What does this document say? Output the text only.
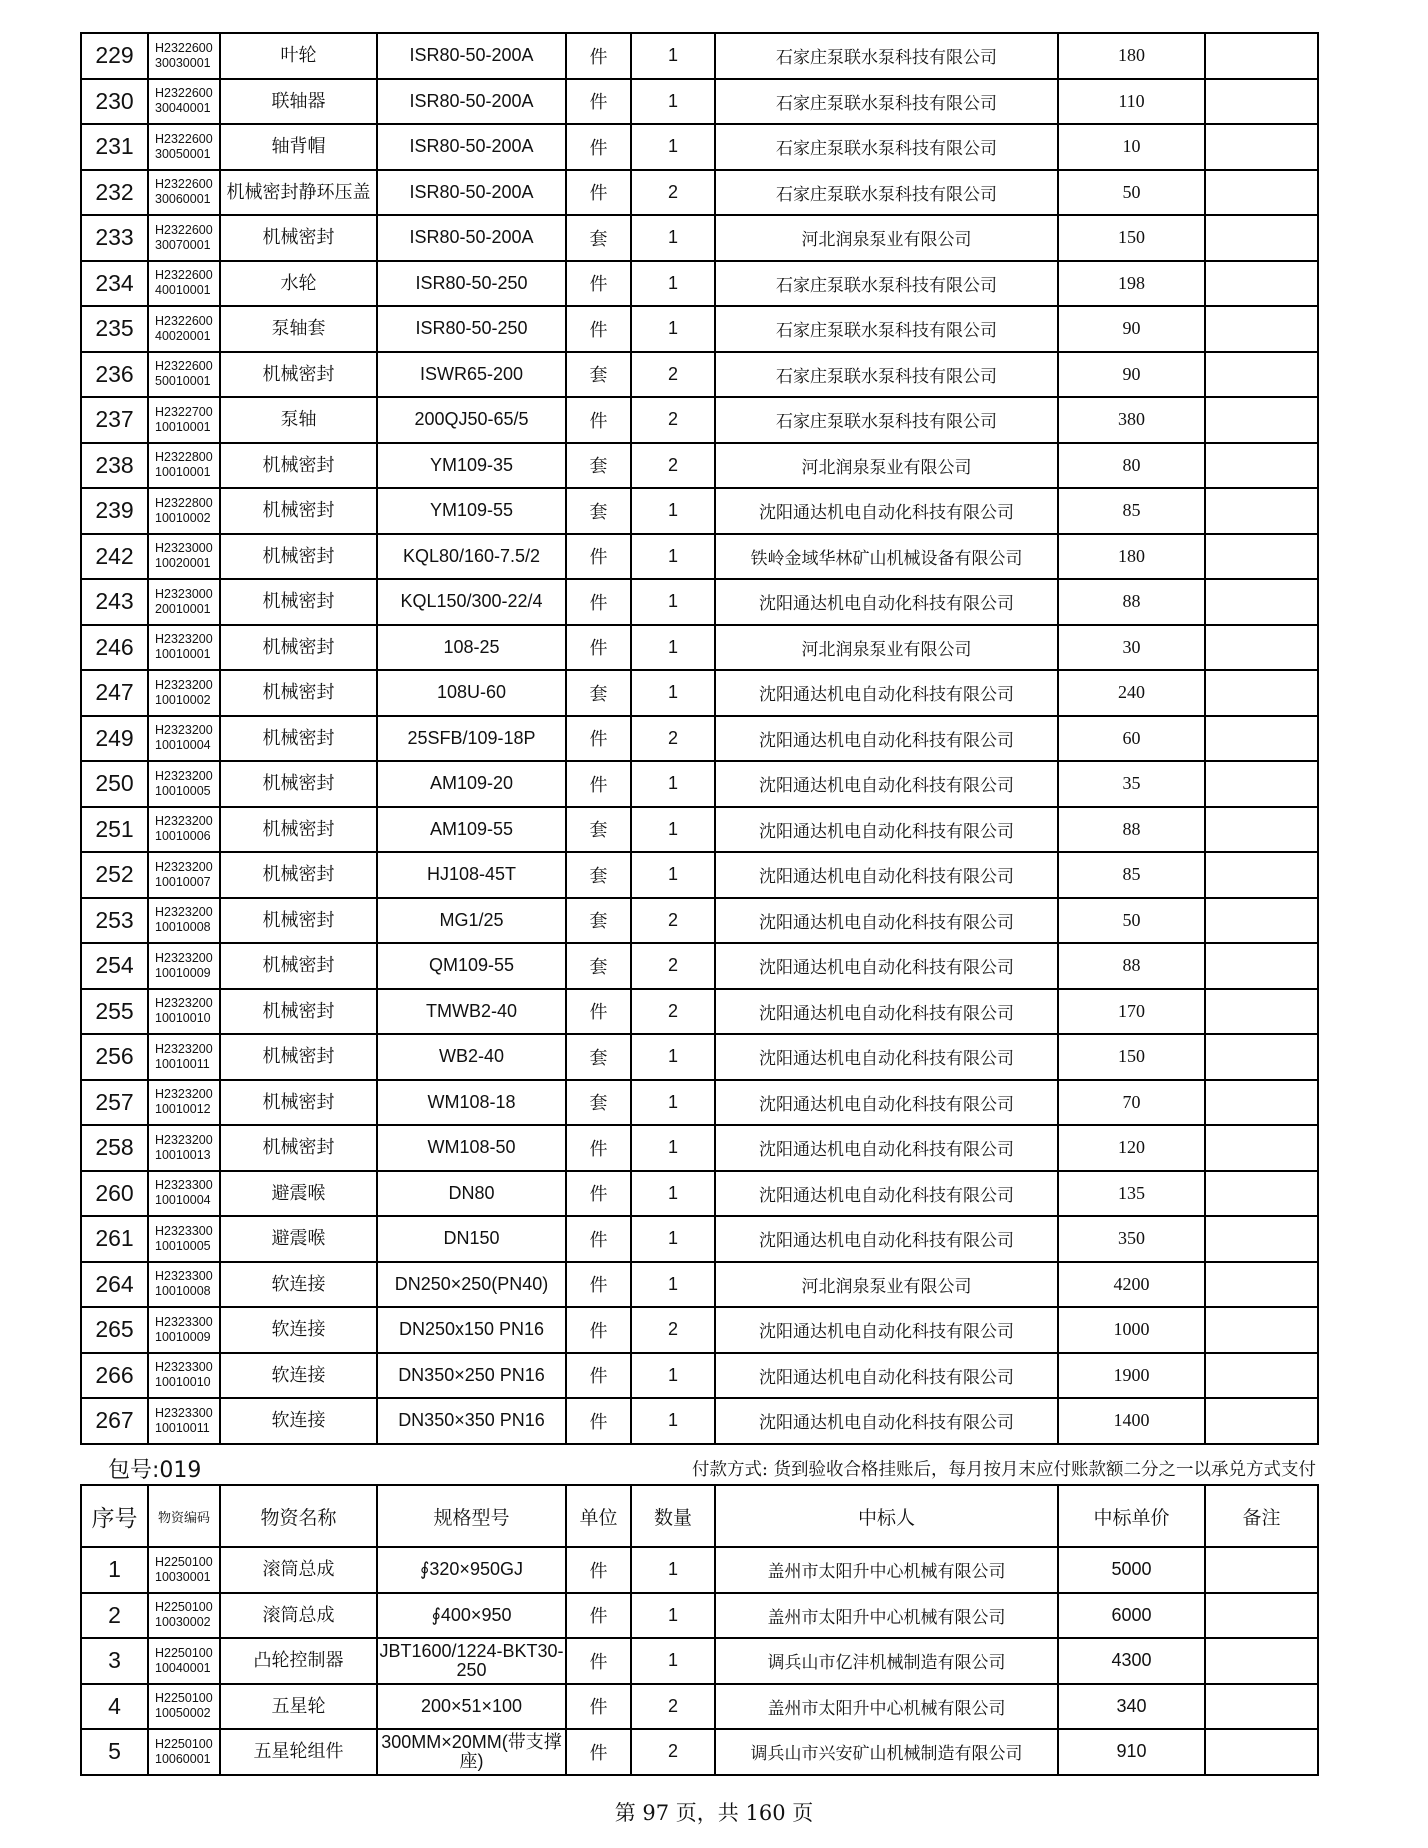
229	H2322600 30030001	叶轮	ISR80-50-200A	件	1	石家庄泵联水泵科技有限公司	180	
230	H2322600 30040001	联轴器	ISR80-50-200A	件	1	石家庄泵联水泵科技有限公司	110	
231	H2322600 30050001	轴背帽	ISR80-50-200A	件	1	石家庄泵联水泵科技有限公司	10	
232	H2322600 30060001	机械密封静环压盖	ISR80-50-200A	件	2	石家庄泵联水泵科技有限公司	50	
233	H2322600 30070001	机械密封	ISR80-50-200A	套	1	河北润泉泵业有限公司	150	
234	H2322600 40010001	水轮	ISR80-50-250	件	1	石家庄泵联水泵科技有限公司	198	
235	H2322600 40020001	泵轴套	ISR80-50-250	件	1	石家庄泵联水泵科技有限公司	90	
236	H2322600 50010001	机械密封	ISWR65-200	套	2	石家庄泵联水泵科技有限公司	90	
237	H2322700 10010001	泵轴	200QJ50-65/5	件	2	石家庄泵联水泵科技有限公司	380	
238	H2322800 10010001	机械密封	YM109-35	套	2	河北润泉泵业有限公司	80	
239	H2322800 10010002	机械密封	YM109-55	套	1	沈阳通达机电自动化科技有限公司	85	
242	H2323000 10020001	机械密封	KQL80/160-7.5/2	件	1	铁岭金域华林矿山机械设备有限公司	180	
243	H2323000 20010001	机械密封	KQL150/300-22/4	件	1	沈阳通达机电自动化科技有限公司	88	
246	H2323200 10010001	机械密封	108-25	件	1	河北润泉泵业有限公司	30	
247	H2323200 10010002	机械密封	108U-60	套	1	沈阳通达机电自动化科技有限公司	240	
249	H2323200 10010004	机械密封	25SFB/109-18P	件	2	沈阳通达机电自动化科技有限公司	60	
250	H2323200 10010005	机械密封	AM109-20	件	1	沈阳通达机电自动化科技有限公司	35	
251	H2323200 10010006	机械密封	AM109-55	套	1	沈阳通达机电自动化科技有限公司	88	
252	H2323200 10010007	机械密封	HJ108-45T	套	1	沈阳通达机电自动化科技有限公司	85	
253	H2323200 10010008	机械密封	MG1/25	套	2	沈阳通达机电自动化科技有限公司	50	
254	H2323200 10010009	机械密封	QM109-55	套	2	沈阳通达机电自动化科技有限公司	88	
255	H2323200 10010010	机械密封	TMWB2-40	件	2	沈阳通达机电自动化科技有限公司	170	
256	H2323200 10010011	机械密封	WB2-40	套	1	沈阳通达机电自动化科技有限公司	150	
257	H2323200 10010012	机械密封	WM108-18	套	1	沈阳通达机电自动化科技有限公司	70	
258	H2323200 10010013	机械密封	WM108-50	件	1	沈阳通达机电自动化科技有限公司	120	
260	H2323300 10010004	避震喉	DN80	件	1	沈阳通达机电自动化科技有限公司	135	
261	H2323300 10010005	避震喉	DN150	件	1	沈阳通达机电自动化科技有限公司	350	
264	H2323300 10010008	软连接	DN250×250(PN40)	件	1	河北润泉泵业有限公司	4200	
265	H2323300 10010009	软连接	DN250x150 PN16	件	2	沈阳通达机电自动化科技有限公司	1000	
266	H2323300 10010010	软连接	DN350×250 PN16	件	1	沈阳通达机电自动化科技有限公司	1900	
267	H2323300 10010011	软连接	DN350×350 PN16	件	1	沈阳通达机电自动化科技有限公司	1400	
包号:019	付款方式: 货到验收合格挂账后，每月按月末应付账款额二分之一以承兑方式支付
序号	物资编码	物资名称	规格型号	单位	数量	中标人	中标单价	备注
1	H2250100 10030001	滚筒总成	∮320×950GJ	件	1	盖州市太阳升中心机械有限公司	5000	
2	H2250100 10030002	滚筒总成	∮400×950	件	1	盖州市太阳升中心机械有限公司	6000	
3	H2250100 10040001	凸轮控制器	JBT1600/1224-BKT30-250	件	1	调兵山市亿沣机械制造有限公司	4300	
4	H2250100 10050002	五星轮	200×51×100	件	2	盖州市太阳升中心机械有限公司	340	
5	H2250100 10060001	五星轮组件	300MM×20MM(带支撑座)	件	2	调兵山市兴安矿山机械制造有限公司	910	
第 97 页，共 160 页
